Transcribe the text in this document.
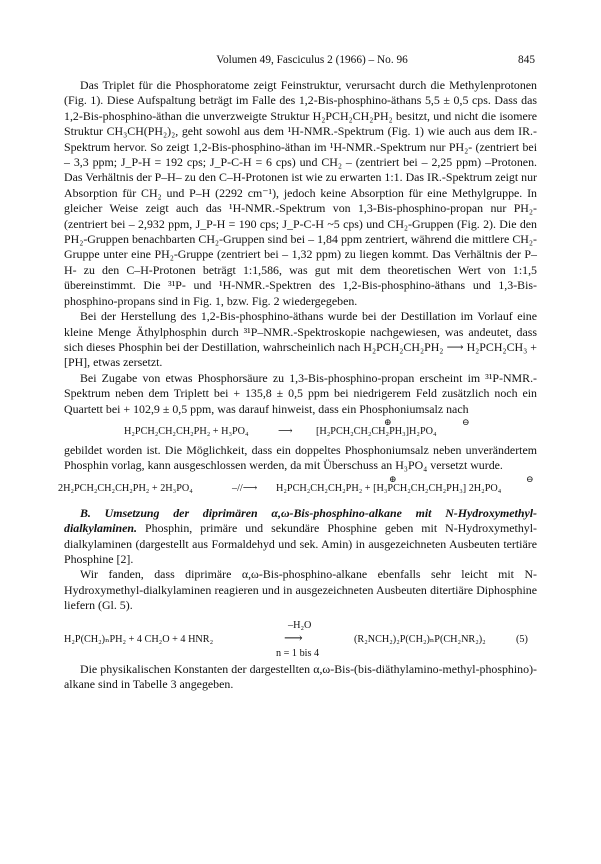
Volumen 49, Fasciculus 2 (1966) – No. 96	845

Das Triplet für die Phosphoratome zeigt Feinstruktur, verursacht durch die Methylenprotonen (Fig. 1). Diese Aufspaltung beträgt im Falle des 1,2-Bis-phosphino-äthans 5,5 ± 0,5 cps. Dass das 1,2-Bis-phosphino-äthan die unverzweigte Struktur H₂PCH₂CH₂PH₂ besitzt, und nicht die isomere Struktur CH₃CH(PH₂)₂, geht sowohl aus dem ¹H-NMR.-Spektrum (Fig. 1) wie auch aus dem IR.-Spektrum hervor. So zeigt 1,2-Bis-phosphino-äthan im ¹H-NMR.-Spektrum nur PH₂- (zentriert bei – 3,3 ppm; J_P-H = 192 cps; J_P-C-H = 6 cps) und CH₂ – (zentriert bei – 2,25 ppm) –Protonen. Das Verhältnis der P–H– zu den C–H-Protonen ist wie zu erwarten 1:1. Das IR.-Spektrum zeigt nur Absorption für CH₂ und P–H (2292 cm⁻¹), jedoch keine Absorption für eine Methylgruppe. In gleicher Weise zeigt auch das ¹H-NMR.-Spektrum von 1,3-Bis-phosphino-propan nur PH₂- (zentriert bei – 2,932 ppm, J_P-H = 190 cps; J_P-C-H ~5 cps) und CH₂-Gruppen (Fig. 2). Die den PH₂-Gruppen benachbarten CH₂-Gruppen sind bei – 1,84 ppm zentriert, während die mittlere CH₂-Gruppe unter eine PH₂-Gruppe (zentriert bei – 1,32 ppm) zu liegen kommt. Das Verhältnis der P–H- zu den C–H-Protonen beträgt 1:1,586, was gut mit dem theoretischen Wert von 1:1,5 übereinstimmt. Die ³¹P- und ¹H-NMR.-Spektren des 1,2-Bis-phosphino-äthans und 1,3-Bis-phosphino-propans sind in Fig. 1, bzw. Fig. 2 wiedergegeben.

Bei der Herstellung des 1,2-Bis-phosphino-äthans wurde bei der Destillation im Vorlauf eine kleine Menge Äthylphosphin durch ³¹P–NMR.-Spektroskopie nachgewiesen, was andeutet, dass sich dieses Phosphin bei der Destillation, wahrscheinlich nach H₂PCH₂CH₂PH₂ ⟶ H₂PCH₂CH₃ + [PH], etwas zersetzt.

Bei Zugabe von etwas Phosphorsäure zu 1,3-Bis-phosphino-propan erscheint im ³¹P-NMR.-Spektrum neben dem Triplett bei + 135,8 ± 0,5 ppm bei niedrigerem Feld zusätzlich noch ein Quartett bei + 102,9 ± 0,5 ppm, was darauf hinweist, dass ein Phosphoniumsalz nach

H₂PCH₂CH₂CH₂PH₂ + H₃PO₄	⟶
⊕	⊖
[H₂PCH₂CH₂CH₂PH₃]H₂PO₄

gebildet worden ist. Die Möglichkeit, dass ein doppeltes Phosphoniumsalz neben unverändertem Phosphin vorlag, kann ausgeschlossen werden, da mit Überschuss an H₃PO₄ versetzt wurde.

2H₂PCH₂CH₂CH₂PH₂ + 2H₃PO₄	–//⟶
⊕	⊖
H₂PCH₂CH₂CH₂PH₂ + [H₃PCH₂CH₂CH₂PH₃] 2H₂PO₄

B. Umsetzung der diprimären α,ω-Bis-phosphino-alkane mit N-Hydroxymethyl-dialkylaminen. Phosphin, primäre und sekundäre Phosphine geben mit N-Hydroxymethyl-dialkylaminen (dargestellt aus Formaldehyd und sek. Amin) in ausgezeichneten Ausbeuten tertiäre Phosphine [2].

Wir fanden, dass diprimäre α,ω-Bis-phosphino-alkane ebenfalls sehr leicht mit N-Hydroxymethyl-dialkylaminen reagieren und in ausgezeichneten Ausbeuten ditertiäre Diphosphine liefern (Gl. 5).

H₂P(CH₂)ₙPH₂ + 4 CH₂O + 4 HNR₂
–H₂O
⟶
n = 1 bis 4
(R₂NCH₂)₂P(CH₂)ₙP(CH₂NR₂)₂	(5)

Die physikalischen Konstanten der dargestellten α,ω-Bis-(bis-diäthylamino-methyl-phosphino)-alkane sind in Tabelle 3 angegeben.
